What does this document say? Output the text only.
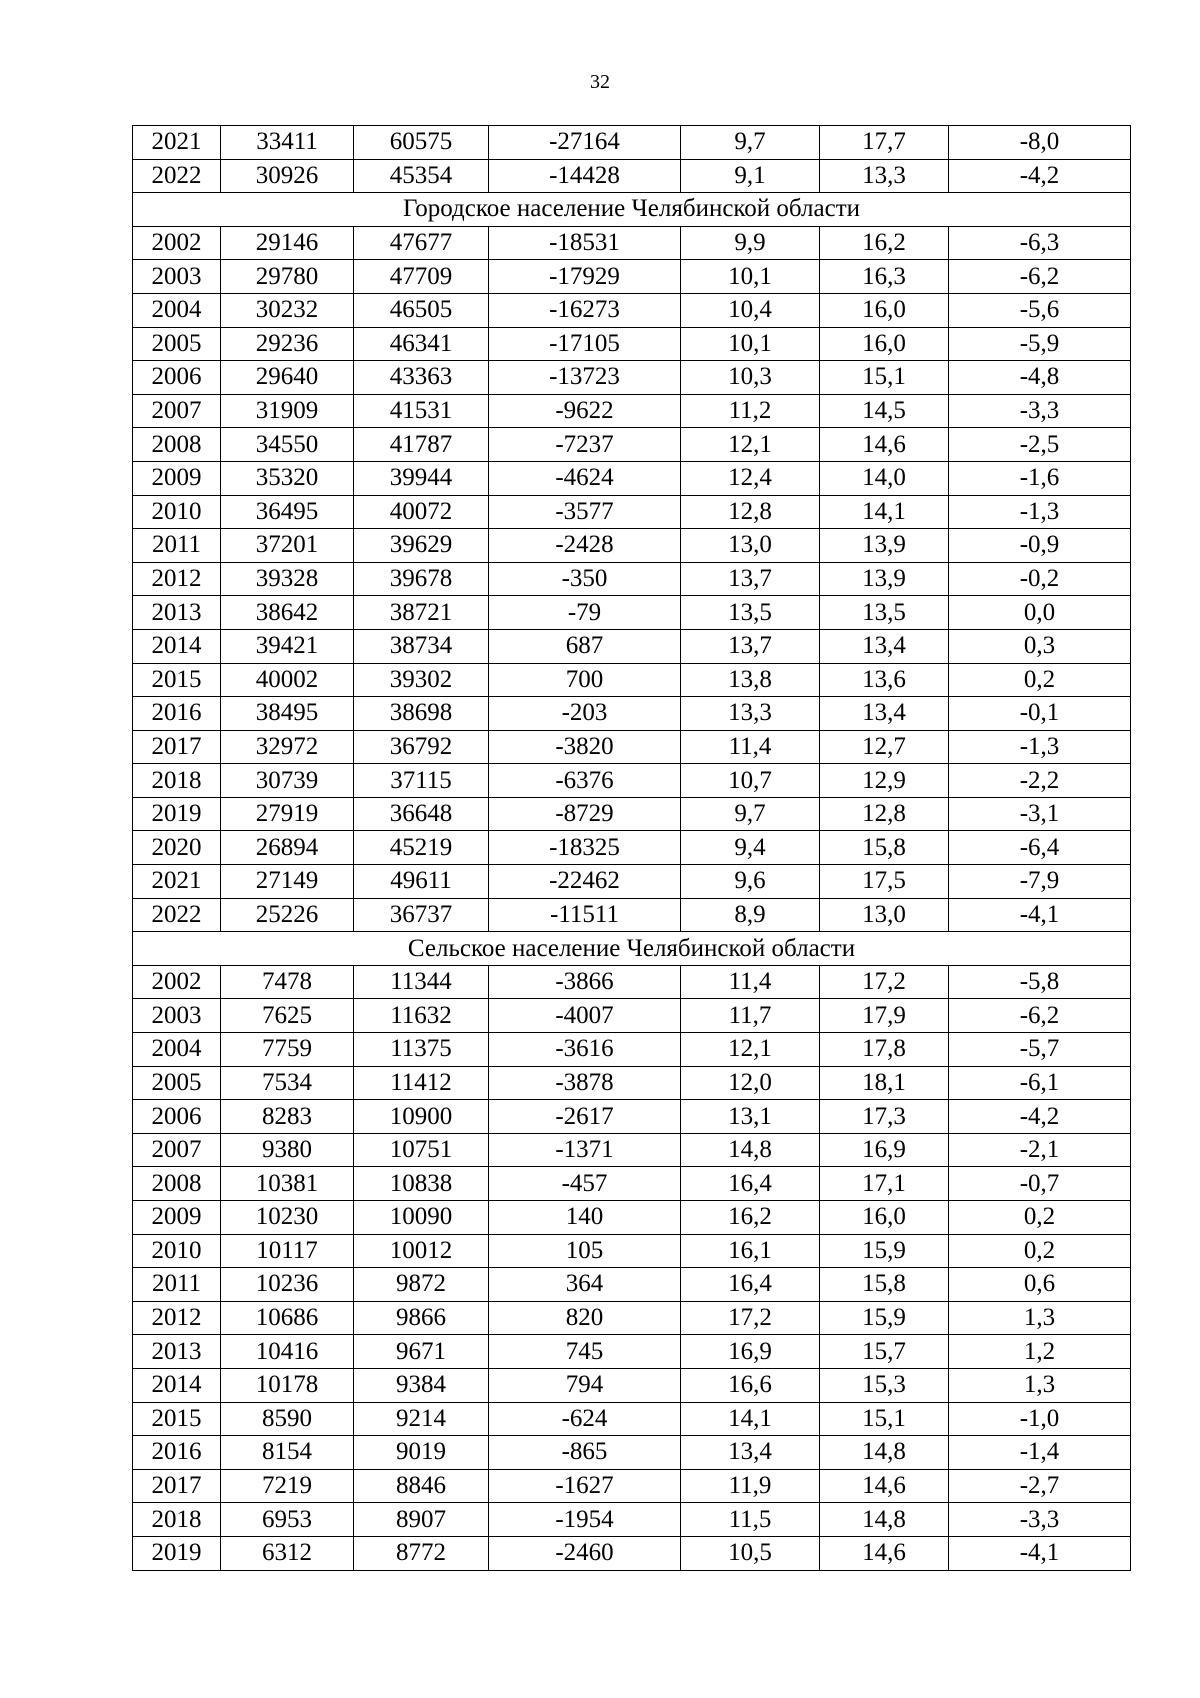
32
2021	33411	60575	-27164	9,7	17,7	-8,0
2022	30926	45354	-14428	9,1	13,3	-4,2
Городское население Челябинской области						
2002	29146	47677	-18531	9,9	16,2	-6,3
2003	29780	47709	-17929	10,1	16,3	-6,2
2004	30232	46505	-16273	10,4	16,0	-5,6
2005	29236	46341	-17105	10,1	16,0	-5,9
2006	29640	43363	-13723	10,3	15,1	-4,8
2007	31909	41531	-9622	11,2	14,5	-3,3
2008	34550	41787	-7237	12,1	14,6	-2,5
2009	35320	39944	-4624	12,4	14,0	-1,6
2010	36495	40072	-3577	12,8	14,1	-1,3
2011	37201	39629	-2428	13,0	13,9	-0,9
2012	39328	39678	-350	13,7	13,9	-0,2
2013	38642	38721	-79	13,5	13,5	0,0
2014	39421	38734	687	13,7	13,4	0,3
2015	40002	39302	700	13,8	13,6	0,2
2016	38495	38698	-203	13,3	13,4	-0,1
2017	32972	36792	-3820	11,4	12,7	-1,3
2018	30739	37115	-6376	10,7	12,9	-2,2
2019	27919	36648	-8729	9,7	12,8	-3,1
2020	26894	45219	-18325	9,4	15,8	-6,4
2021	27149	49611	-22462	9,6	17,5	-7,9
2022	25226	36737	-11511	8,9	13,0	-4,1
Сельское население Челябинской области						
2002	7478	11344	-3866	11,4	17,2	-5,8
2003	7625	11632	-4007	11,7	17,9	-6,2
2004	7759	11375	-3616	12,1	17,8	-5,7
2005	7534	11412	-3878	12,0	18,1	-6,1
2006	8283	10900	-2617	13,1	17,3	-4,2
2007	9380	10751	-1371	14,8	16,9	-2,1
2008	10381	10838	-457	16,4	17,1	-0,7
2009	10230	10090	140	16,2	16,0	0,2
2010	10117	10012	105	16,1	15,9	0,2
2011	10236	9872	364	16,4	15,8	0,6
2012	10686	9866	820	17,2	15,9	1,3
2013	10416	9671	745	16,9	15,7	1,2
2014	10178	9384	794	16,6	15,3	1,3
2015	8590	9214	-624	14,1	15,1	-1,0
2016	8154	9019	-865	13,4	14,8	-1,4
2017	7219	8846	-1627	11,9	14,6	-2,7
2018	6953	8907	-1954	11,5	14,8	-3,3
2019	6312	8772	-2460	10,5	14,6	-4,1
